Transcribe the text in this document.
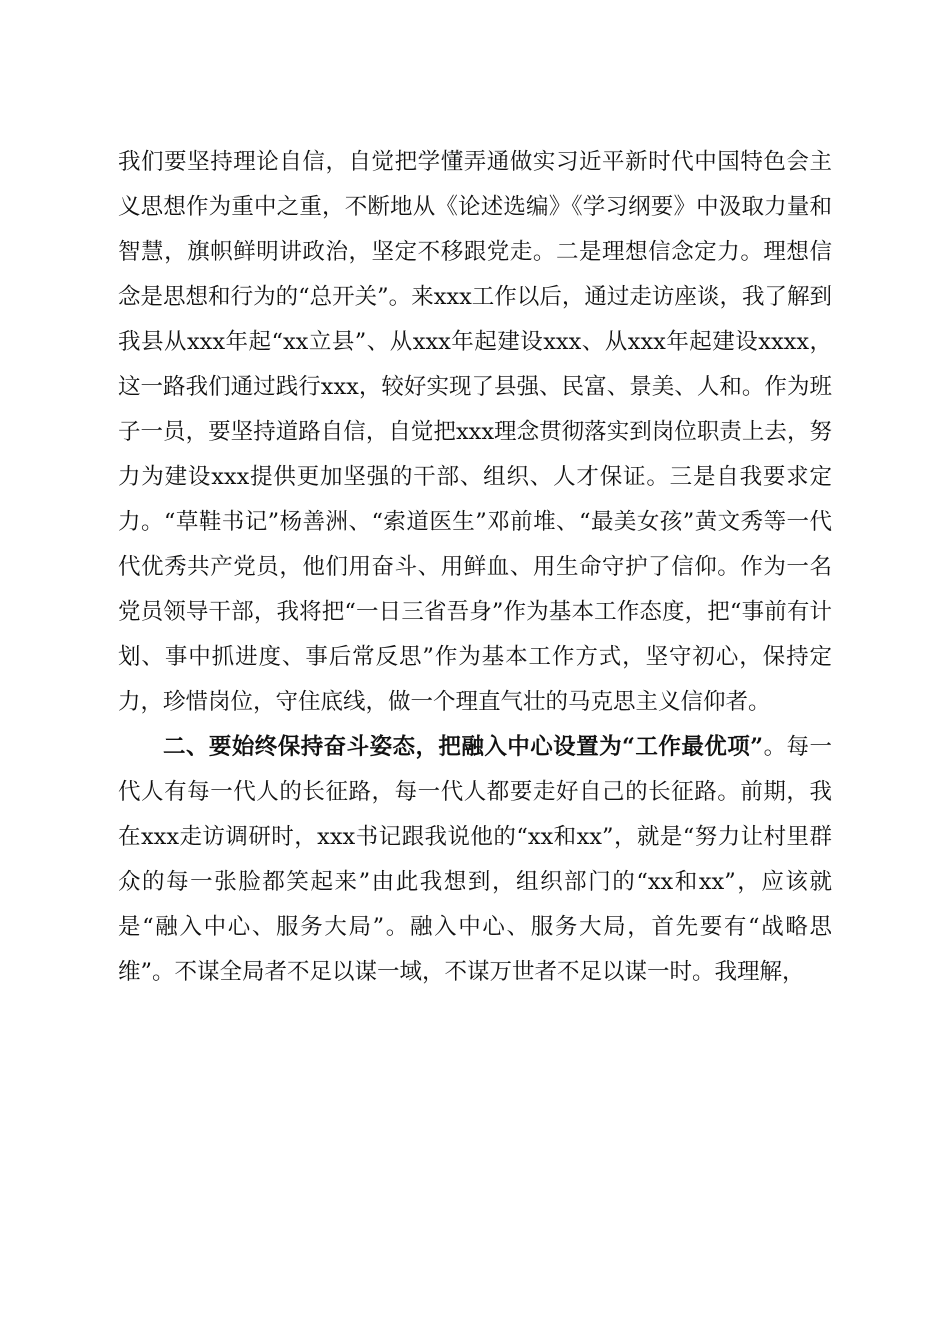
我们要坚持理论自信，自觉把学懂弄通做实习近平新时代中国特色会主义思想作为重中之重，不断地从《论述选编》《学习纲要》中汲取力量和智慧，旗帜鲜明讲政治，坚定不移跟党走。二是理想信念定力。理想信念是思想和行为的“总开关”。来xxx工作以后，通过走访座谈，我了解到我县从xxx年起“xx立县”、从xxx年起建设xxx、从xxx年起建设xxxx，这一路我们通过践行xxx，较好实现了县强、民富、景美、人和。作为班子一员，要坚持道路自信，自觉把xxx理念贯彻落实到岗位职责上去，努力为建设xxx提供更加坚强的干部、组织、人才保证。三是自我要求定力。“草鞋书记”杨善洲、“索道医生”邓前堆、“最美女孩”黄文秀等一代代优秀共产党员，他们用奋斗、用鲜血、用生命守护了信仰。作为一名党员领导干部，我将把“一日三省吾身”作为基本工作态度，把“事前有计划、事中抓进度、事后常反思”作为基本工作方式，坚守初心，保持定力，珍惜岗位，守住底线，做一个理直气壮的马克思主义信仰者。

二、要始终保持奋斗姿态，把融入中心设置为“工作最优项”。每一代人有每一代人的长征路，每一代人都要走好自己的长征路。前期，我在xxx走访调研时，xxx书记跟我说他的“xx和xx”，就是“努力让村里群众的每一张脸都笑起来”由此我想到，组织部门的“xx和xx”，应该就是“融入中心、服务大局”。融入中心、服务大局，首先要有“战略思维”。不谋全局者不足以谋一域，不谋万世者不足以谋一时。我理解，
